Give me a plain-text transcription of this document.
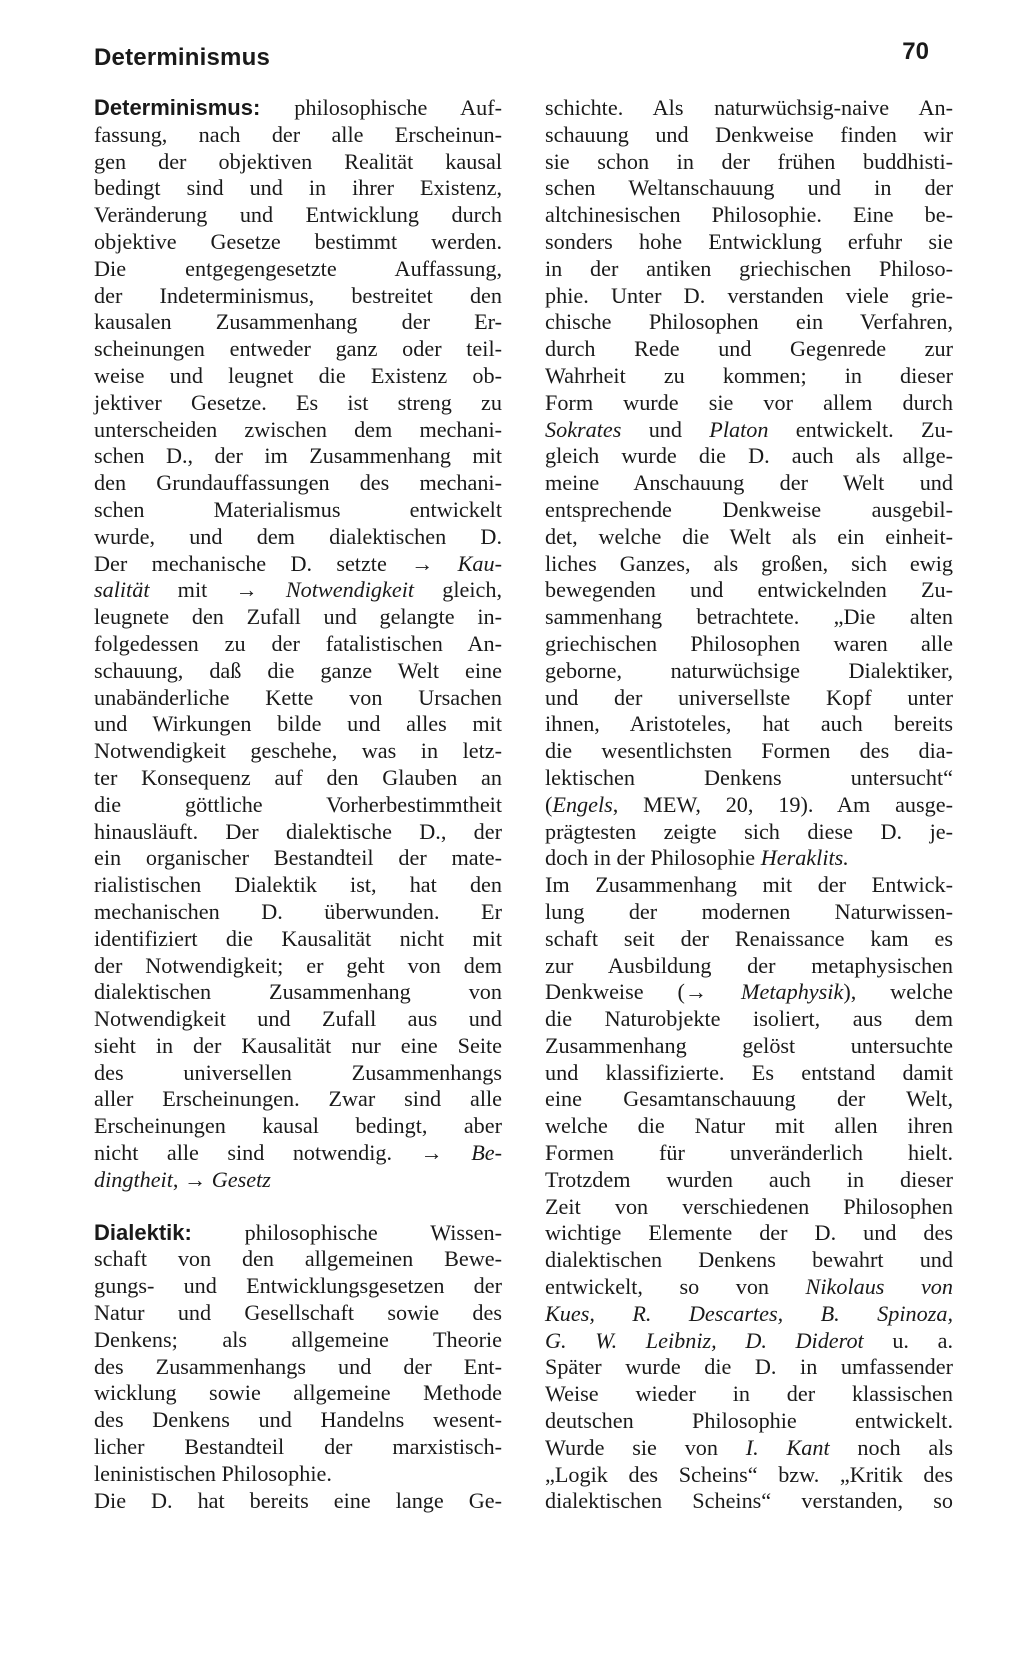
Determinismus	70
Determinismus: philosophische Auf-
fassung, nach der alle Erscheinun-
gen der objektiven Realität kausal
bedingt sind und in ihrer Existenz,
Veränderung und Entwicklung durch
objektive Gesetze bestimmt werden.
Die entgegengesetzte Auffassung,
der Indeterminismus, bestreitet den
kausalen Zusammenhang der Er-
scheinungen entweder ganz oder teil-
weise und leugnet die Existenz ob-
jektiver Gesetze. Es ist streng zu
unterscheiden zwischen dem mechani-
schen D., der im Zusammenhang mit
den Grundauffassungen des mechani-
schen Materialismus entwickelt
wurde, und dem dialektischen D.
Der mechanische D. setzte → Kau-
salität mit → Notwendigkeit gleich,
leugnete den Zufall und gelangte in-
folgedessen zu der fatalistischen An-
schauung, daß die ganze Welt eine
unabänderliche Kette von Ursachen
und Wirkungen bilde und alles mit
Notwendigkeit geschehe, was in letz-
ter Konsequenz auf den Glauben an
die göttliche Vorherbestimmtheit
hinausläuft. Der dialektische D., der
ein organischer Bestandteil der mate-
rialistischen Dialektik ist, hat den
mechanischen D. überwunden. Er
identifiziert die Kausalität nicht mit
der Notwendigkeit; er geht von dem
dialektischen Zusammenhang von
Notwendigkeit und Zufall aus und
sieht in der Kausalität nur eine Seite
des universellen Zusammenhangs
aller Erscheinungen. Zwar sind alle
Erscheinungen kausal bedingt, aber
nicht alle sind notwendig. → Be-
dingtheit, → Gesetz
Dialektik: philosophische Wissen-
schaft von den allgemeinen Bewe-
gungs- und Entwicklungsgesetzen der
Natur und Gesellschaft sowie des
Denkens; als allgemeine Theorie
des Zusammenhangs und der Ent-
wicklung sowie allgemeine Methode
des Denkens und Handelns wesent-
licher Bestandteil der marxistisch-
leninistischen Philosophie.
Die D. hat bereits eine lange Ge-
schichte. Als naturwüchsig-naive An-
schauung und Denkweise finden wir
sie schon in der frühen buddhisti-
schen Weltanschauung und in der
altchinesischen Philosophie. Eine be-
sonders hohe Entwicklung erfuhr sie
in der antiken griechischen Philoso-
phie. Unter D. verstanden viele grie-
chische Philosophen ein Verfahren,
durch Rede und Gegenrede zur
Wahrheit zu kommen; in dieser
Form wurde sie vor allem durch
Sokrates und Platon entwickelt. Zu-
gleich wurde die D. auch als allge-
meine Anschauung der Welt und
entsprechende Denkweise ausgebil-
det, welche die Welt als ein einheit-
liches Ganzes, als großen, sich ewig
bewegenden und entwickelnden Zu-
sammenhang betrachtete. „Die alten
griechischen Philosophen waren alle
geborne, naturwüchsige Dialektiker,
und der universellste Kopf unter
ihnen, Aristoteles, hat auch bereits
die wesentlichsten Formen des dia-
lektischen Denkens untersucht“
(Engels, MEW, 20, 19). Am ausge-
prägtesten zeigte sich diese D. je-
doch in der Philosophie Heraklits.
Im Zusammenhang mit der Entwick-
lung der modernen Naturwissen-
schaft seit der Renaissance kam es
zur Ausbildung der metaphysischen
Denkweise (→ Metaphysik), welche
die Naturobjekte isoliert, aus dem
Zusammenhang gelöst untersuchte
und klassifizierte. Es entstand damit
eine Gesamtanschauung der Welt,
welche die Natur mit allen ihren
Formen für unveränderlich hielt.
Trotzdem wurden auch in dieser
Zeit von verschiedenen Philosophen
wichtige Elemente der D. und des
dialektischen Denkens bewahrt und
entwickelt, so von Nikolaus von
Kues, R. Descartes, B. Spinoza,
G. W. Leibniz, D. Diderot u. a.
Später wurde die D. in umfassender
Weise wieder in der klassischen
deutschen Philosophie entwickelt.
Wurde sie von I. Kant noch als
„Logik des Scheins“ bzw. „Kritik des
dialektischen Scheins“ verstanden, so
